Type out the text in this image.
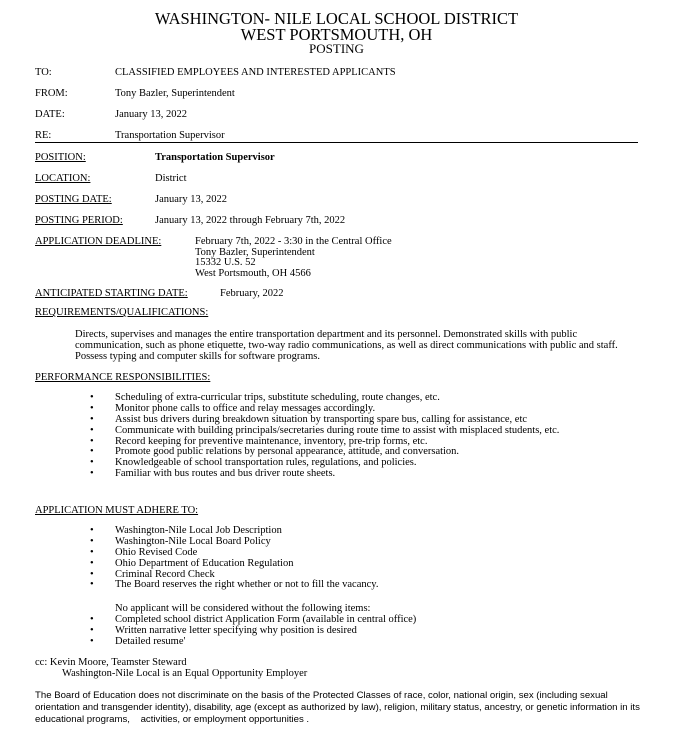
WASHINGTON- NILE LOCAL SCHOOL DISTRICT
WEST PORTSMOUTH, OH
POSTING
TO:	CLASSIFIED EMPLOYEES AND INTERESTED APPLICANTS
FROM:	Tony Bazler, Superintendent
DATE:	January 13, 2022
RE:	Transportation Supervisor
POSITION:	Transportation Supervisor
LOCATION:	District
POSTING DATE:	January 13, 2022
POSTING PERIOD:	January 13, 2022 through February 7th, 2022
APPLICATION DEADLINE:	February 7th, 2022 - 3:30 in the Central Office
Tony Bazler, Superintendent
15332 U.S. 52
West Portsmouth, OH 4566
ANTICIPATED STARTING DATE:	February, 2022
REQUIREMENTS/QUALIFICATIONS:
Directs, supervises and manages the entire transportation department and its personnel. Demonstrated skills with public communication, such as phone etiquette, two-way radio communications, as well as direct communications with public and staff. Possess typing and computer skills for software programs.
PERFORMANCE RESPONSIBILITIES:
• Scheduling of extra-curricular trips, substitute scheduling, route changes, etc.
• Monitor phone calls to office and relay messages accordingly.
• Assist bus drivers during breakdown situation by transporting spare bus, calling for assistance, etc
• Communicate with building principals/secretaries during route time to assist with misplaced students, etc.
• Record keeping for preventive maintenance, inventory, pre-trip forms, etc.
• Promote good public relations by personal appearance, attitude, and conversation.
• Knowledgeable of school transportation rules, regulations, and policies.
• Familiar with bus routes and bus driver route sheets.
APPLICATION MUST ADHERE TO:
• Washington-Nile Local Job Description
• Washington-Nile Local Board Policy
• Ohio Revised Code
• Ohio Department of Education Regulation
• Criminal Record Check
• The Board reserves the right whether or not to fill the vacancy.
No applicant will be considered without the following items:
• Completed school district Application Form (available in central office)
• Written narrative letter specifying why position is desired
• Detailed resume'
cc: Kevin Moore, Teamster Steward
Washington-Nile Local is an Equal Opportunity Employer
The Board of Education does not discriminate on the basis of the Protected Classes of race, color, national origin, sex (including sexual orientation and transgender identity), disability, age (except as authorized by law), religion, military status, ancestry, or genetic information in its educational programs,    activities, or employment opportunities .
